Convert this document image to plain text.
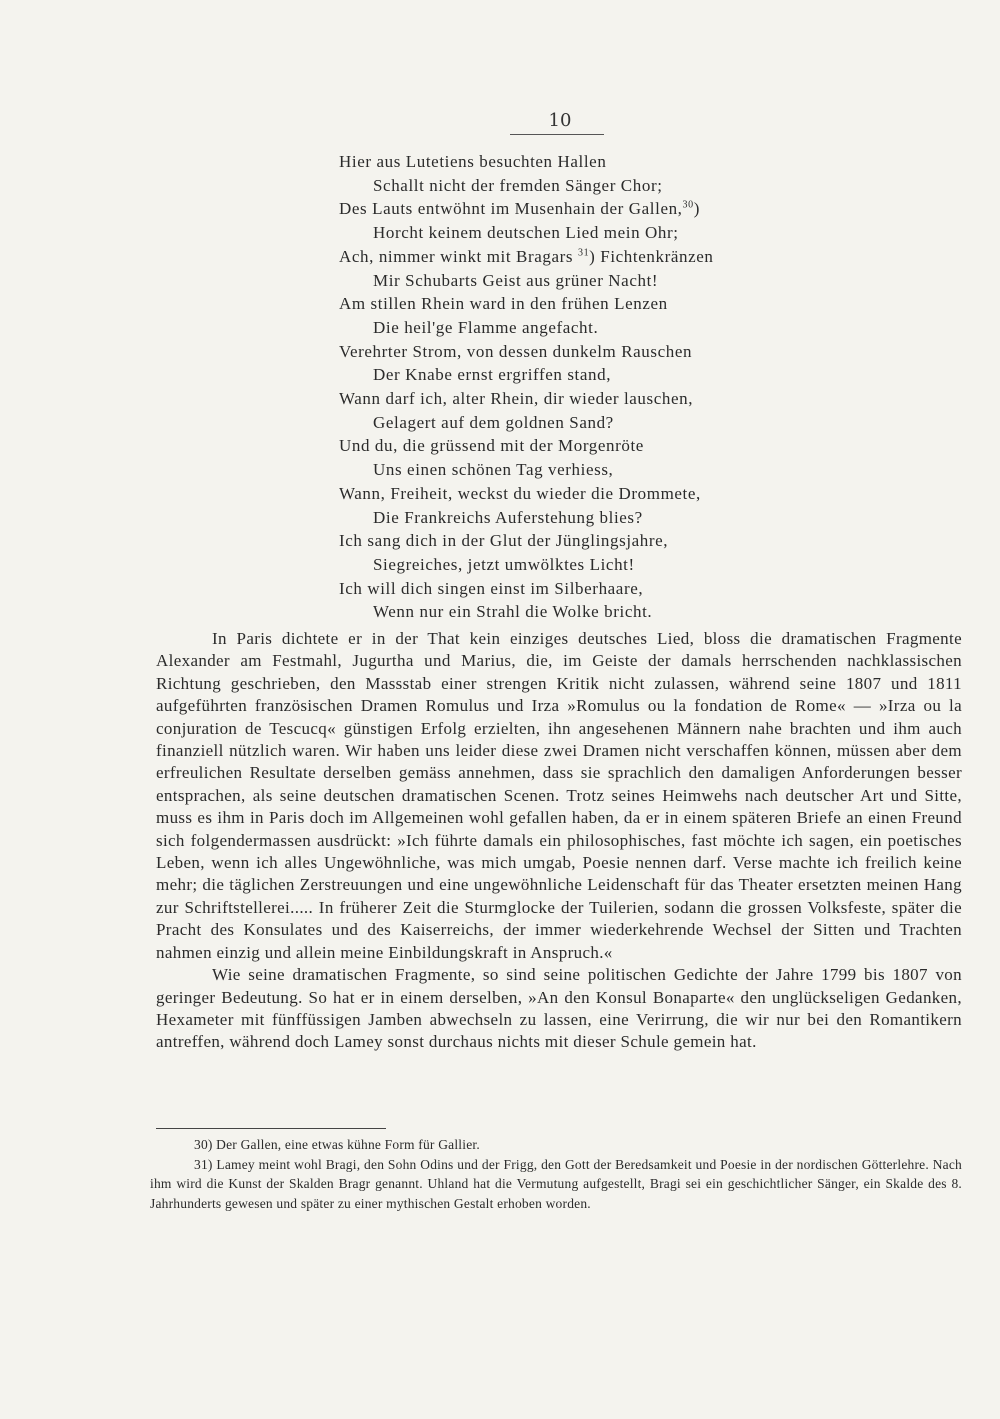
10
Hier aus Lutetiens besuchten Hallen
Schallt nicht der fremden Sänger Chor;
Des Lauts entwöhnt im Musenhain der Gallen,$^{30}$)
Horcht keinem deutschen Lied mein Ohr;
Ach, nimmer winkt mit Bragars $^{31}$) Fichtenkränzen
Mir Schubarts Geist aus grüner Nacht!
Am stillen Rhein ward in den frühen Lenzen
Die heil'ge Flamme angefacht.
Verehrter Strom, von dessen dunkelm Rauschen
Der Knabe ernst ergriffen stand,
Wann darf ich, alter Rhein, dir wieder lauschen,
Gelagert auf dem goldnen Sand?
Und du, die grüssend mit der Morgenröte
Uns einen schönen Tag verhiess,
Wann, Freiheit, weckst du wieder die Drommete,
Die Frankreichs Auferstehung blies?
Ich sang dich in der Glut der Jünglingsjahre,
Siegreiches, jetzt umwölktes Licht!
Ich will dich singen einst im Silberhaare,
Wenn nur ein Strahl die Wolke bricht.

In Paris dichtete er in der That kein einziges deutsches Lied, bloss die dramatischen Fragmente Alexander am Festmahl, Jugurtha und Marius, die, im Geiste der damals herrschenden nachklassischen Richtung geschrieben, den Massstab einer strengen Kritik nicht zulassen, während seine 1807 und 1811 aufgeführten französischen Dramen Romulus und Irza »Romulus ou la fondation de Rome« — »Irza ou la conjuration de Tescucq« günstigen Erfolg erzielten, ihn angesehenen Männern nahe brachten und ihm auch finanziell nützlich waren. Wir haben uns leider diese zwei Dramen nicht verschaffen können, müssen aber dem erfreulichen Resultate derselben gemäss annehmen, dass sie sprachlich den damaligen Anforderungen besser entsprachen, als seine deutschen dramatischen Scenen. Trotz seines Heimwehs nach deutscher Art und Sitte, muss es ihm in Paris doch im Allgemeinen wohl gefallen haben, da er in einem späteren Briefe an einen Freund sich folgendermassen ausdrückt: »Ich führte damals ein philosophisches, fast möchte ich sagen, ein poetisches Leben, wenn ich alles Ungewöhnliche, was mich umgab, Poesie nennen darf. Verse machte ich freilich keine mehr; die täglichen Zerstreuungen und eine ungewöhnliche Leidenschaft für das Theater ersetzten meinen Hang zur Schriftstellerei..... In früherer Zeit die Sturmglocke der Tuilerien, sodann die grossen Volksfeste, später die Pracht des Konsulates und des Kaiserreichs, der immer wiederkehrende Wechsel der Sitten und Trachten nahmen einzig und allein meine Einbildungskraft in Anspruch.«

Wie seine dramatischen Fragmente, so sind seine politischen Gedichte der Jahre 1799 bis 1807 von geringer Bedeutung. So hat er in einem derselben, »An den Konsul Bonaparte« den unglückseligen Gedanken, Hexameter mit fünffüssigen Jamben abwechseln zu lassen, eine Verirrung, die wir nur bei den Romantikern antreffen, während doch Lamey sonst durchaus nichts mit dieser Schule gemein hat.

30) Der Gallen, eine etwas kühne Form für Gallier.

31) Lamey meint wohl Bragi, den Sohn Odins und der Frigg, den Gott der Beredsamkeit und Poesie in der nordischen Götterlehre. Nach ihm wird die Kunst der Skalden Bragr genannt. Uhland hat die Vermutung aufgestellt, Bragi sei ein geschichtlicher Sänger, ein Skalde des 8. Jahrhunderts gewesen und später zu einer mythischen Gestalt erhoben worden.
